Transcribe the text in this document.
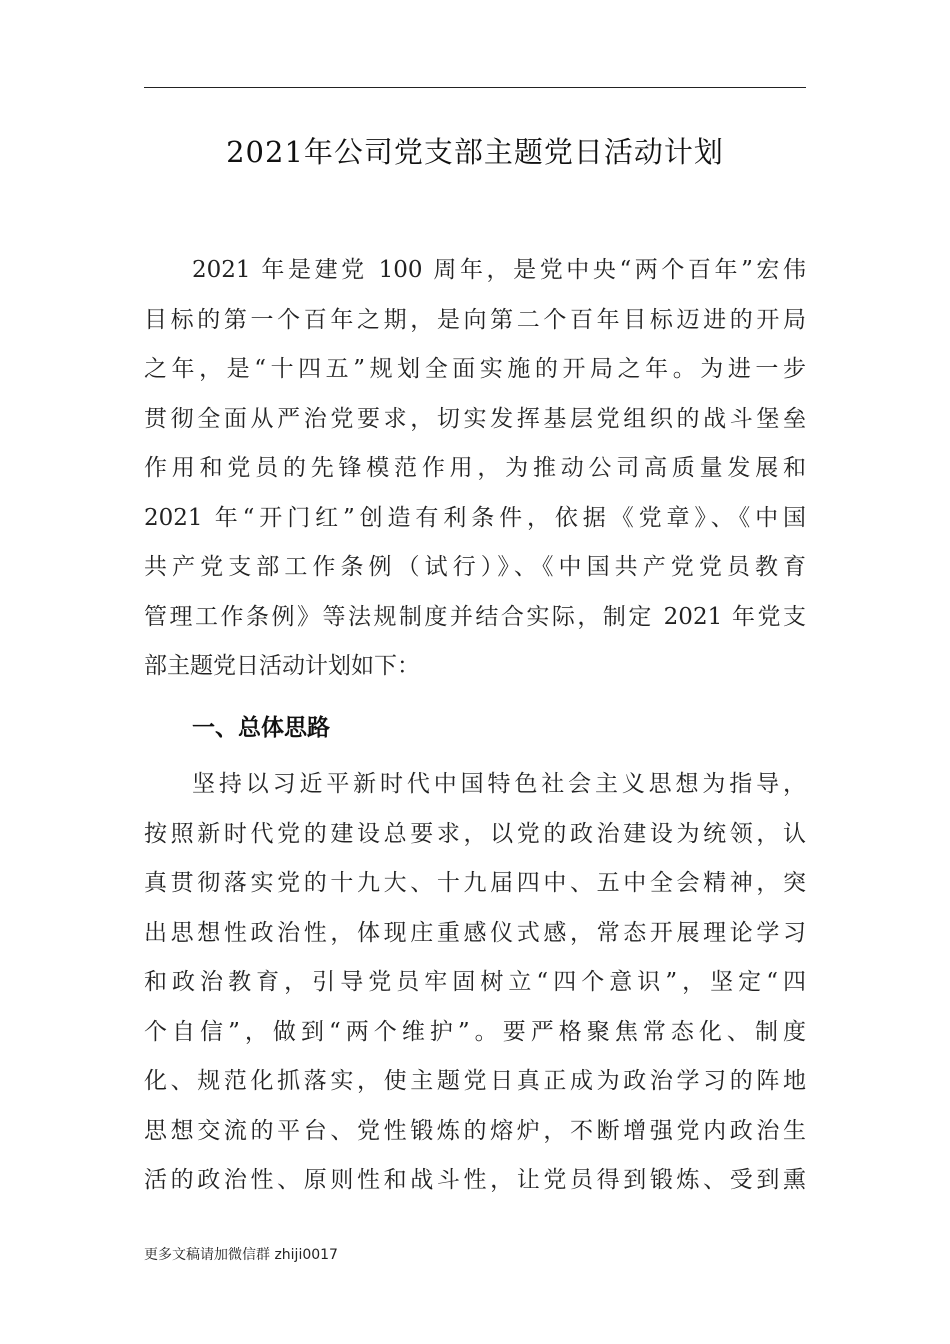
2021年公司党支部主题党日活动计划
2021 年是建党 100 周年，是党中央“两个百年”宏伟
目标的第一个百年之期，是向第二个百年目标迈进的开局
之年，是“十四五”规划全面实施的开局之年。为进一步
贯彻全面从严治党要求，切实发挥基层党组织的战斗堡垒
作用和党员的先锋模范作用，为推动公司高质量发展和
2021 年“开门红”创造有利条件，依据《党章》、《中国
共产党支部工作条例（试行）》、《中国共产党党员教育
管理工作条例》等法规制度并结合实际，制定 2021 年党支
部主题党日活动计划如下：
一、总体思路
坚持以习近平新时代中国特色社会主义思想为指导，
按照新时代党的建设总要求，以党的政治建设为统领，认
真贯彻落实党的十九大、十九届四中、五中全会精神，突
出思想性政治性，体现庄重感仪式感，常态开展理论学习
和政治教育，引导党员牢固树立“四个意识”，坚定“四
个自信”，做到“两个维护”。要严格聚焦常态化、制度
化、规范化抓落实，使主题党日真正成为政治学习的阵地
思想交流的平台、党性锻炼的熔炉，不断增强党内政治生
活的政治性、原则性和战斗性，让党员得到锻炼、受到熏
更多文稿请加微信群 zhiji0017
